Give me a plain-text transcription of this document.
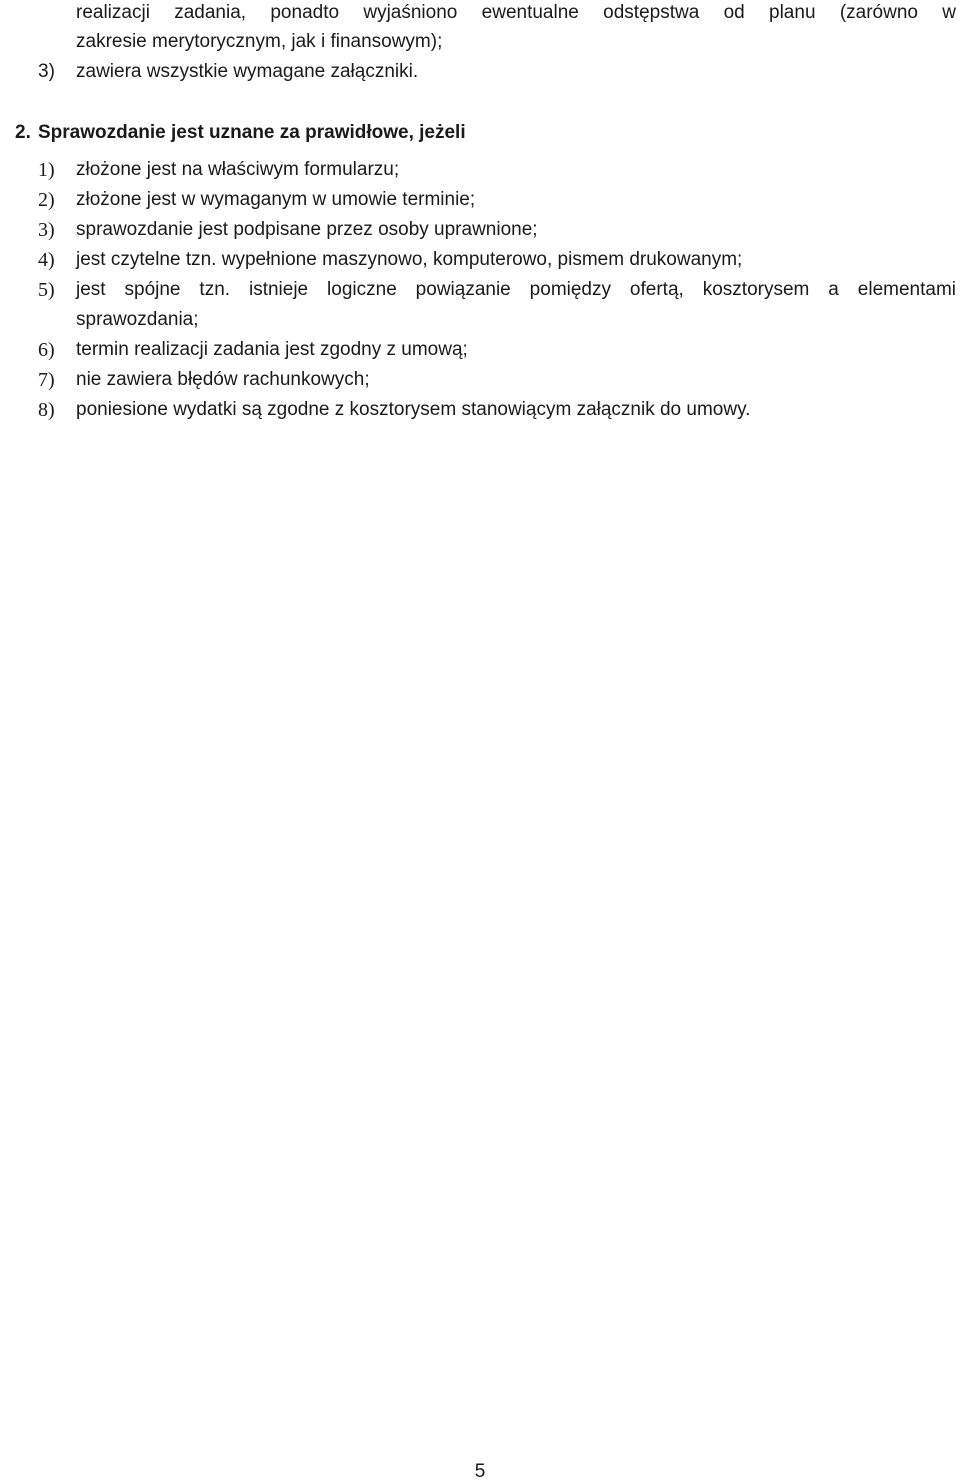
realizacji zadania, ponadto wyjaśniono ewentualne odstępstwa od planu (zarówno w
zakresie merytorycznym, jak i finansowym);
3) zawiera wszystkie wymagane załączniki.
2. Sprawozdanie jest uznane za prawidłowe, jeżeli
1) złożone jest na właściwym formularzu;
2) złożone jest w wymaganym w umowie terminie;
3) sprawozdanie jest podpisane przez osoby uprawnione;
4) jest czytelne tzn. wypełnione maszynowo, komputerowo, pismem drukowanym;
5) jest spójne tzn. istnieje logiczne powiązanie pomiędzy ofertą, kosztorysem a elementami
sprawozdania;
6) termin realizacji zadania jest zgodny z umową;
7) nie zawiera błędów rachunkowych;
8) poniesione wydatki są zgodne z kosztorysem stanowiącym załącznik do umowy.
5
